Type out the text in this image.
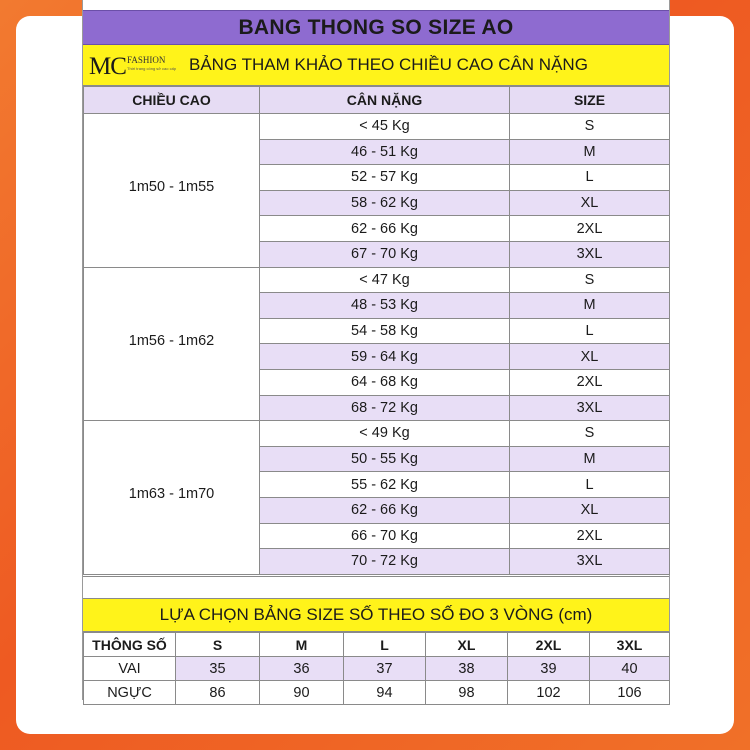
✦
✦
BANG THONG SO SIZE AO
MC FASHION
Thời trang công sở cao cấp BẢNG THAM KHẢO THEO CHIỀU CAO CÂN NẶNG
CHIỀU CAO	CÂN NẶNG	SIZE
1m50 - 1m55	< 45 Kg	S
	46 - 51 Kg	M
	52 - 57 Kg	L
	58 - 62 Kg	XL
	62 - 66 Kg	2XL
	67 - 70 Kg	3XL
1m56 - 1m62	< 47 Kg	S
	48 - 53 Kg	M
	54 - 58 Kg	L
	59 - 64 Kg	XL
	64 - 68 Kg	2XL
	68 - 72 Kg	3XL
1m63 - 1m70	< 49 Kg	S
	50 - 55 Kg	M
	55 - 62 Kg	L
	62 - 66 Kg	XL
	66 - 70 Kg	2XL
	70 - 72 Kg	3XL
LỰA CHỌN BẢNG SIZE SỐ THEO SỐ ĐO 3 VÒNG (cm)
THÔNG SỐ	S	M	L	XL	2XL	3XL
VAI	35	36	37	38	39	40
NGỰC	86	90	94	98	102	106
